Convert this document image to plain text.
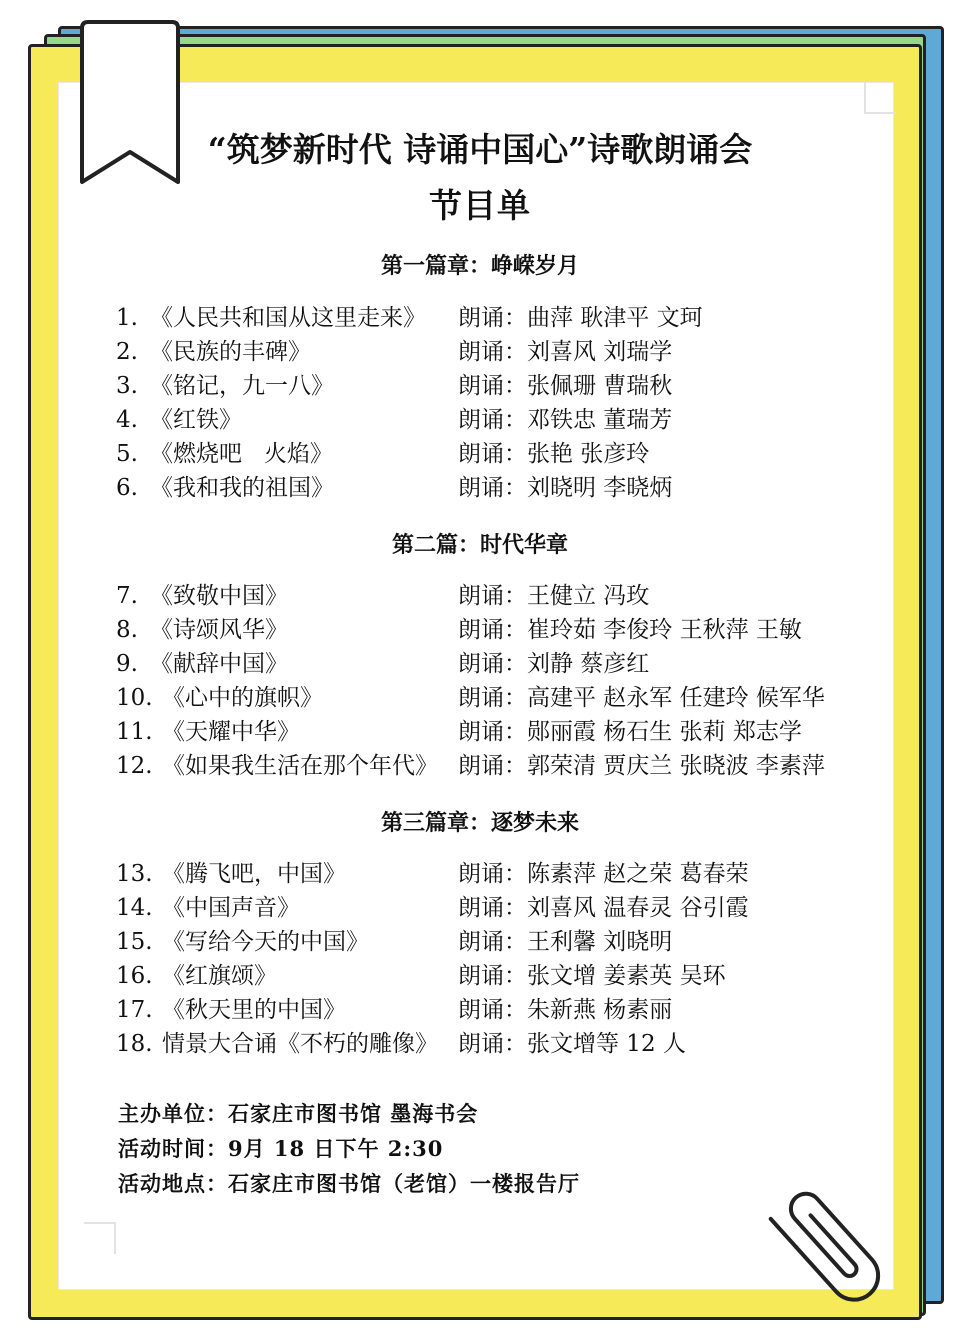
“筑梦新时代 诗诵中国心”诗歌朗诵会
节目单
第一篇章：峥嵘岁月
1. 《人民共和国从这里走来》 朗诵：曲萍 耿津平 文珂
2. 《民族的丰碑》	朗诵：刘喜风 刘瑞学
3. 《铭记，九一八》	朗诵：张佩珊 曹瑞秋
4. 《红铁》	朗诵：邓铁忠 董瑞芳
5. 《燃烧吧   火焰》	朗诵：张艳 张彦玲
6. 《我和我的祖国》	朗诵：刘晓明 李晓炳
第二篇：时代华章
7. 《致敬中国》	朗诵：王健立 冯玫
8. 《诗颂风华》	朗诵：崔玲茹 李俊玲 王秋萍 王敏
9. 《献辞中国》	朗诵：刘静 蔡彦红
10. 《心中的旗帜》	朗诵：高建平 赵永军 任建玲 候军华
11. 《天耀中华》	朗诵：郧丽霞 杨石生 张莉 郑志学
12. 《如果我生活在那个年代》 朗诵：郭荣清 贾庆兰 张晓波 李素萍
第三篇章：逐梦未来
13. 《腾飞吧，中国》	朗诵：陈素萍 赵之荣 葛春荣
14. 《中国声音》	朗诵：刘喜风 温春灵 谷引霞
15. 《写给今天的中国》	朗诵：王利馨 刘晓明
16. 《红旗颂》	朗诵：张文增 姜素英 吴环
17. 《秋天里的中国》	朗诵：朱新燕 杨素丽
18. 情景大合诵《不朽的雕像》 朗诵：张文增等 12 人
主办单位：石家庄市图书馆 墨海书会
活动时间：9月 18 日下午 2:30
活动地点：石家庄市图书馆（老馆）一楼报告厅
